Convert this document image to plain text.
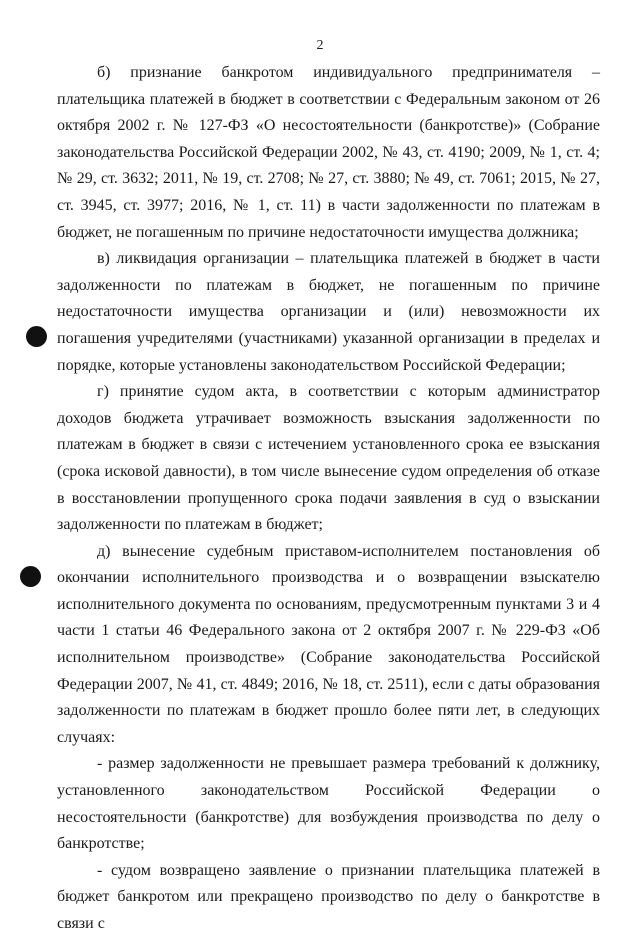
2

б) признание банкротом индивидуального предпринимателя – плательщика платежей в бюджет в соответствии с Федеральным законом от 26 октября 2002 г. № 127-ФЗ «О несостоятельности (банкротстве)» (Собрание законодательства Российской Федерации 2002, № 43, ст. 4190; 2009, № 1, ст. 4; № 29, ст. 3632; 2011, № 19, ст. 2708; № 27, ст. 3880; № 49, ст. 7061; 2015, № 27, ст. 3945, ст. 3977; 2016, № 1, ст. 11) в части задолженности по платежам в бюджет, не погашенным по причине недостаточности имущества должника;

в) ликвидация организации – плательщика платежей в бюджет в части задолженности по платежам в бюджет, не погашенным по причине недостаточности имущества организации и (или) невозможности их погашения учредителями (участниками) указанной организации в пределах и порядке, которые установлены законодательством Российской Федерации;

г) принятие судом акта, в соответствии с которым администратор доходов бюджета утрачивает возможность взыскания задолженности по платежам в бюджет в связи с истечением установленного срока ее взыскания (срока исковой давности), в том числе вынесение судом определения об отказе в восстановлении пропущенного срока подачи заявления в суд о взыскании задолженности по платежам в бюджет;

д) вынесение судебным приставом-исполнителем постановления об окончании исполнительного производства и о возвращении взыскателю исполнительного документа по основаниям, предусмотренным пунктами 3 и 4 части 1 статьи 46 Федерального закона от 2 октября 2007 г. № 229-ФЗ «Об исполнительном производстве» (Собрание законодательства Российской Федерации 2007, № 41, ст. 4849; 2016, № 18, ст. 2511), если с даты образования задолженности по платежам в бюджет прошло более пяти лет, в следующих случаях:

- размер задолженности не превышает размера требований к должнику, установленного законодательством Российской Федерации о несостоятельности (банкротстве) для возбуждения производства по делу о банкротстве;

- судом возвращено заявление о признании плательщика платежей в бюджет банкротом или прекращено производство по делу о банкротстве в связи с
